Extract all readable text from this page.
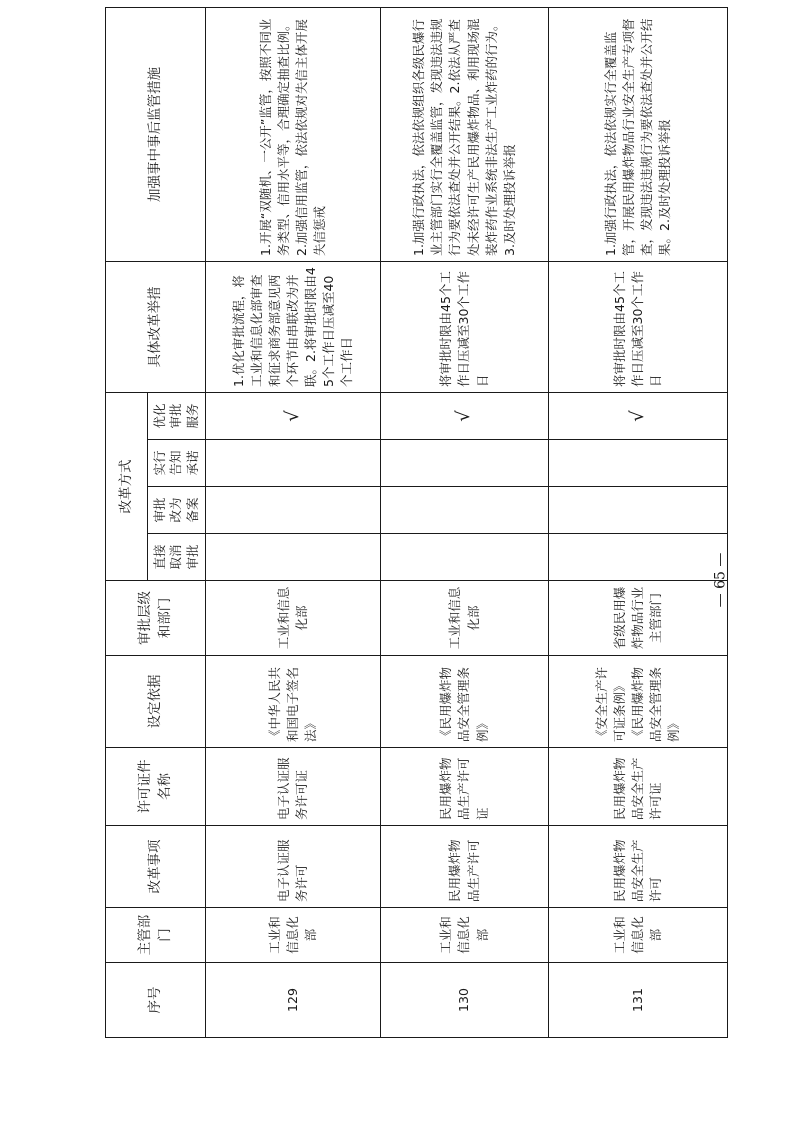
序号	主管部门	改革事项	许可证件名称	设定依据	审批层级和部门	改革方式				具体改革举措	加强事中事后监管措施
						直接取消审批	审批改为备案	实行告知承诺	优化审批服务		
129	工业和信息化部	电子认证服务许可	电子认证服务许可证	《中华人民共和国电子签名法》	工业和信息化部				√	1.优化审批流程，将工业和信息化部审查和征求商务部意见两个环节由串联改为并联。2.将审批时限由45个工作日压减至40个工作日	1.开展“双随机、一公开”监管，按照不同业务类型、信用水平等，合理确定抽查比例。2.加强信用监管，依法依规对失信主体开展失信惩戒
130	工业和信息化部	民用爆炸物品生产许可	民用爆炸物品生产许可证	《民用爆炸物品安全管理条例》	工业和信息化部				√	将审批时限由45个工作日压减至30个工作日	1.加强行政执法，依法依规组织各级民爆行业主管部门实行全覆盖监管，发现违法违规行为要依法查处并公开结果。2.依法从严查处未经许可生产民用爆炸物品、利用现场混装炸药作业系统非法生产工业炸药的行为。3.及时处理投诉举报
131	工业和信息化部	民用爆炸物品安全生产许可	民用爆炸物品安全生产许可证	《安全生产许可证条例》《民用爆炸物品安全管理条例》	省级民用爆炸物品行业主管部门				√	将审批时限由45个工作日压减至30个工作日	1.加强行政执法，依法依规实行全覆盖监管，开展民用爆炸物品行业安全生产专项督查，发现违法违规行为要依法查处并公开结果。2.及时处理投诉举报
— 65 —
